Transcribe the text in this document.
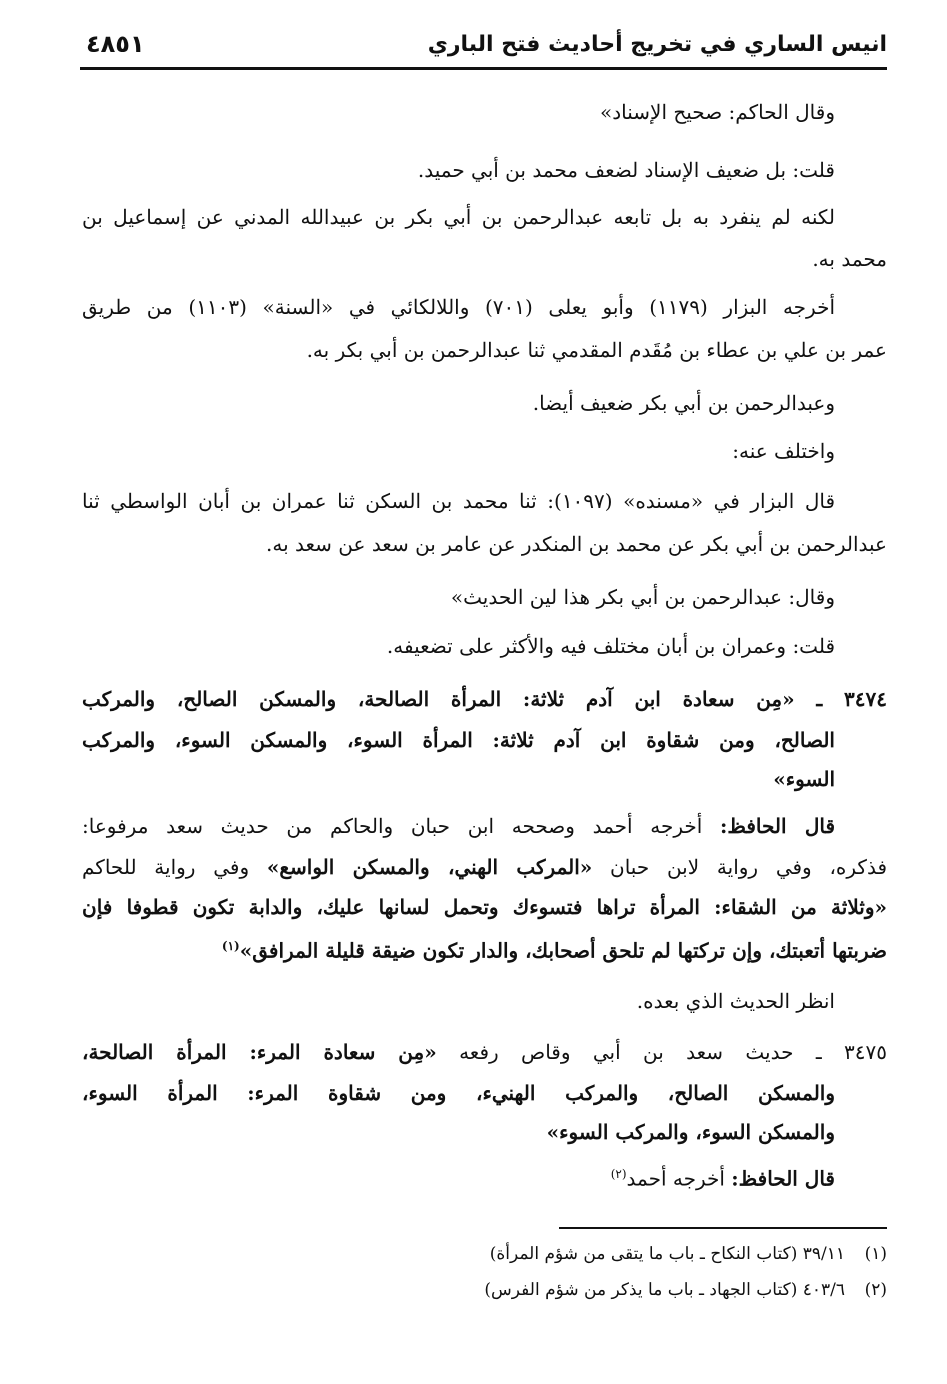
انيس الساري في تخريج أحاديث فتح الباري
٤٨٥١
وقال الحاكم: صحيح الإسناد»
قلت: بل ضعيف الإسناد لضعف محمد بن أبي حميد.
لكنه لم ينفرد به بل تابعه عبدالرحمن بن أبي بكر بن عبيدالله المدني عن إسماعيل بن
محمد به.
أخرجه البزار (١١٧٩) وأبو يعلى (٧٠١) واللالكائي في «السنة» (١١٠٣) من طريق
عمر بن علي بن عطاء بن مُقَدم المقدمي ثنا عبدالرحمن بن أبي بكر به.
وعبدالرحمن بن أبي بكر ضعيف أيضا.
واختلف عنه:
قال البزار في «مسنده» (١٠٩٧): ثنا محمد بن السكن ثنا عمران بن أبان الواسطي ثنا
عبدالرحمن بن أبي بكر عن محمد بن المنكدر عن عامر بن سعد عن سعد به.
وقال: عبدالرحمن بن أبي بكر هذا لين الحديث»
قلت: وعمران بن أبان مختلف فيه والأكثر على تضعيفه.
٣٤٧٤ ـ «مِن سعادة ابن آدم ثلاثة: المرأة الصالحة، والمسكن الصالح، والمركب
الصالح، ومن شقاوة ابن آدم ثلاثة: المرأة السوء، والمسكن السوء، والمركب
السوء»
قال الحافظ: أخرجه أحمد وصححه ابن حبان والحاكم من حديث سعد مرفوعا:
فذكره، وفي رواية لابن حبان «المركب الهني، والمسكن الواسع» وفي رواية للحاكم
«وثلاثة من الشقاء: المرأة تراها فتسوءك وتحمل لسانها عليك، والدابة تكون قطوفا فإن
ضربتها أتعبتك، وإن تركتها لم تلحق أصحابك، والدار تكون ضيقة قليلة المرافق»$^{(١)}$
انظر الحديث الذي بعده.
٣٤٧٥ ـ حديث سعد بن أبي وقاص رفعه «مِن سعادة المرء: المرأة الصالحة،
والمسكن الصالح، والمركب الهنيء، ومن شقاوة المرء: المرأة السوء،
والمسكن السوء، والمركب السوء»
قال الحافظ: أخرجه أحمد$^{(٢)}$
(١)٣٩/١١ (كتاب النكاح ـ باب ما يتقى من شؤم المرأة)
(٢)٤٠٣/٦ (كتاب الجهاد ـ باب ما يذكر من شؤم الفرس)
